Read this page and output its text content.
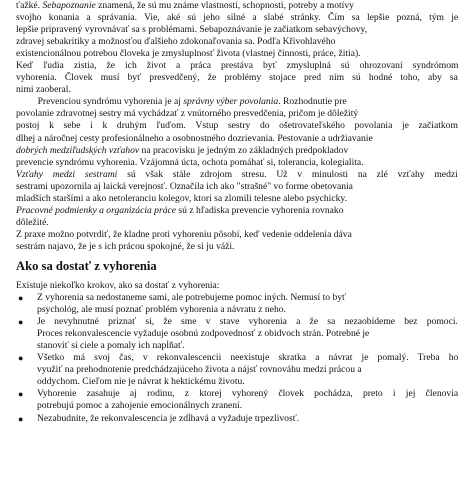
ťažké. Sebapoznanie znamená, že sú mu známe vlastnosti, schopnosti, potreby a motívy
svojho konania a správania. Vie, aké sú jeho silné a slabé stránky. Čím sa lepšie pozná, tým je
lepšie pripravený vyrovnávať sa s problémami. Sebapoznávanie je začiatkom sebavýchovy,
zdravej sebakritiky a možnosťou ďalšieho zdokonaľovania sa. Podľa Křivohlavého
existencionálnou potrebou človeka je zmysluplnosť života (vlastnej činnosti, práce, žitia).
Keď ľudia zistia, že ich život a práca prestáva byť zmysluplná sú ohrozovaní syndrómom
vyhorenia. Človek musí byť presvedčený, že problémy stojace pred ním sú hodné toho, aby sa
nimi zaoberal.

Prevenciou syndrómu vyhorenia je aj správny výber povolania. Rozhodnutie pre
povolanie zdravotnej sestry má vychádzať z vnútorného presvedčenia, pričom je dôležitý
postoj k sebe i k druhým ľuďom. Vstup sestry do ošetrovateľského povolania je začiatkom
dlhej a náročnej cesty profesionálneho a osobnostného dozrievania. Pestovanie a udržiavanie
dobrých medziľudských vzťahov na pracovisku je jedným zo základných predpokladov
prevencie syndrómu vyhorenia. Vzájomná úcta, ochota pomáhať si, tolerancia, kolegialita.
Vzťahy medzi sestrami sú však stále zdrojom stresu. Už v minulosti na zlé vzťahy medzi
sestrami upozornila aj laická verejnosť. Označila ich ako "strašné" vo forme obetovania
mladších staršími a ako netoleranciu kolegov, ktorí sa zlomili telesne alebo psychicky.
Pracovné podmienky a organizácia práce sú z hľadiska prevencie vyhorenia rovnako
dôležité.
Z praxe možno potvrdiť, že kladne proti vyhoreniu pôsobí, keď vedenie oddelenia dáva
sestrám najavo, že je s ich prácou spokojné, že si ju váži.

Ako sa dostať z vyhorenia

Existuje niekoľko krokov, ako sa dostať z vyhorenia:

● Z vyhorenia sa nedostaneme sami, ale potrebujeme pomoc iných. Nemusí to byť
psychológ, ale musí poznať problém vyhorenia a návratu z neho.
● Je nevyhnutné priznať si, že sme v stave vyhorenia a že sa nezaobídeme bez pomoci.
Proces rekonvalescencie vyžaduje osobnú zodpovednosť z obidvoch strán. Potrebné je
stanoviť si ciele a pomaly ich napĺňať.
● Všetko má svoj čas, v rekonvalescencii neexistuje skratka a návrat je pomalý. Treba ho
využiť na prehodnotenie predchádzajúceho života a nájsť rovnováhu medzi prácou a
oddychom. Cieľom nie je návrat k hektickému životu.
● Vyhorenie zasahuje aj rodinu, z ktorej vyhorený človek pochádza, preto i jej členovia
potrebujú pomoc a zahojenie emocionálnych zranení.
● Nezabudnite, že rekonvalescencia je zdĺhavá a vyžaduje trpezlivosť.
